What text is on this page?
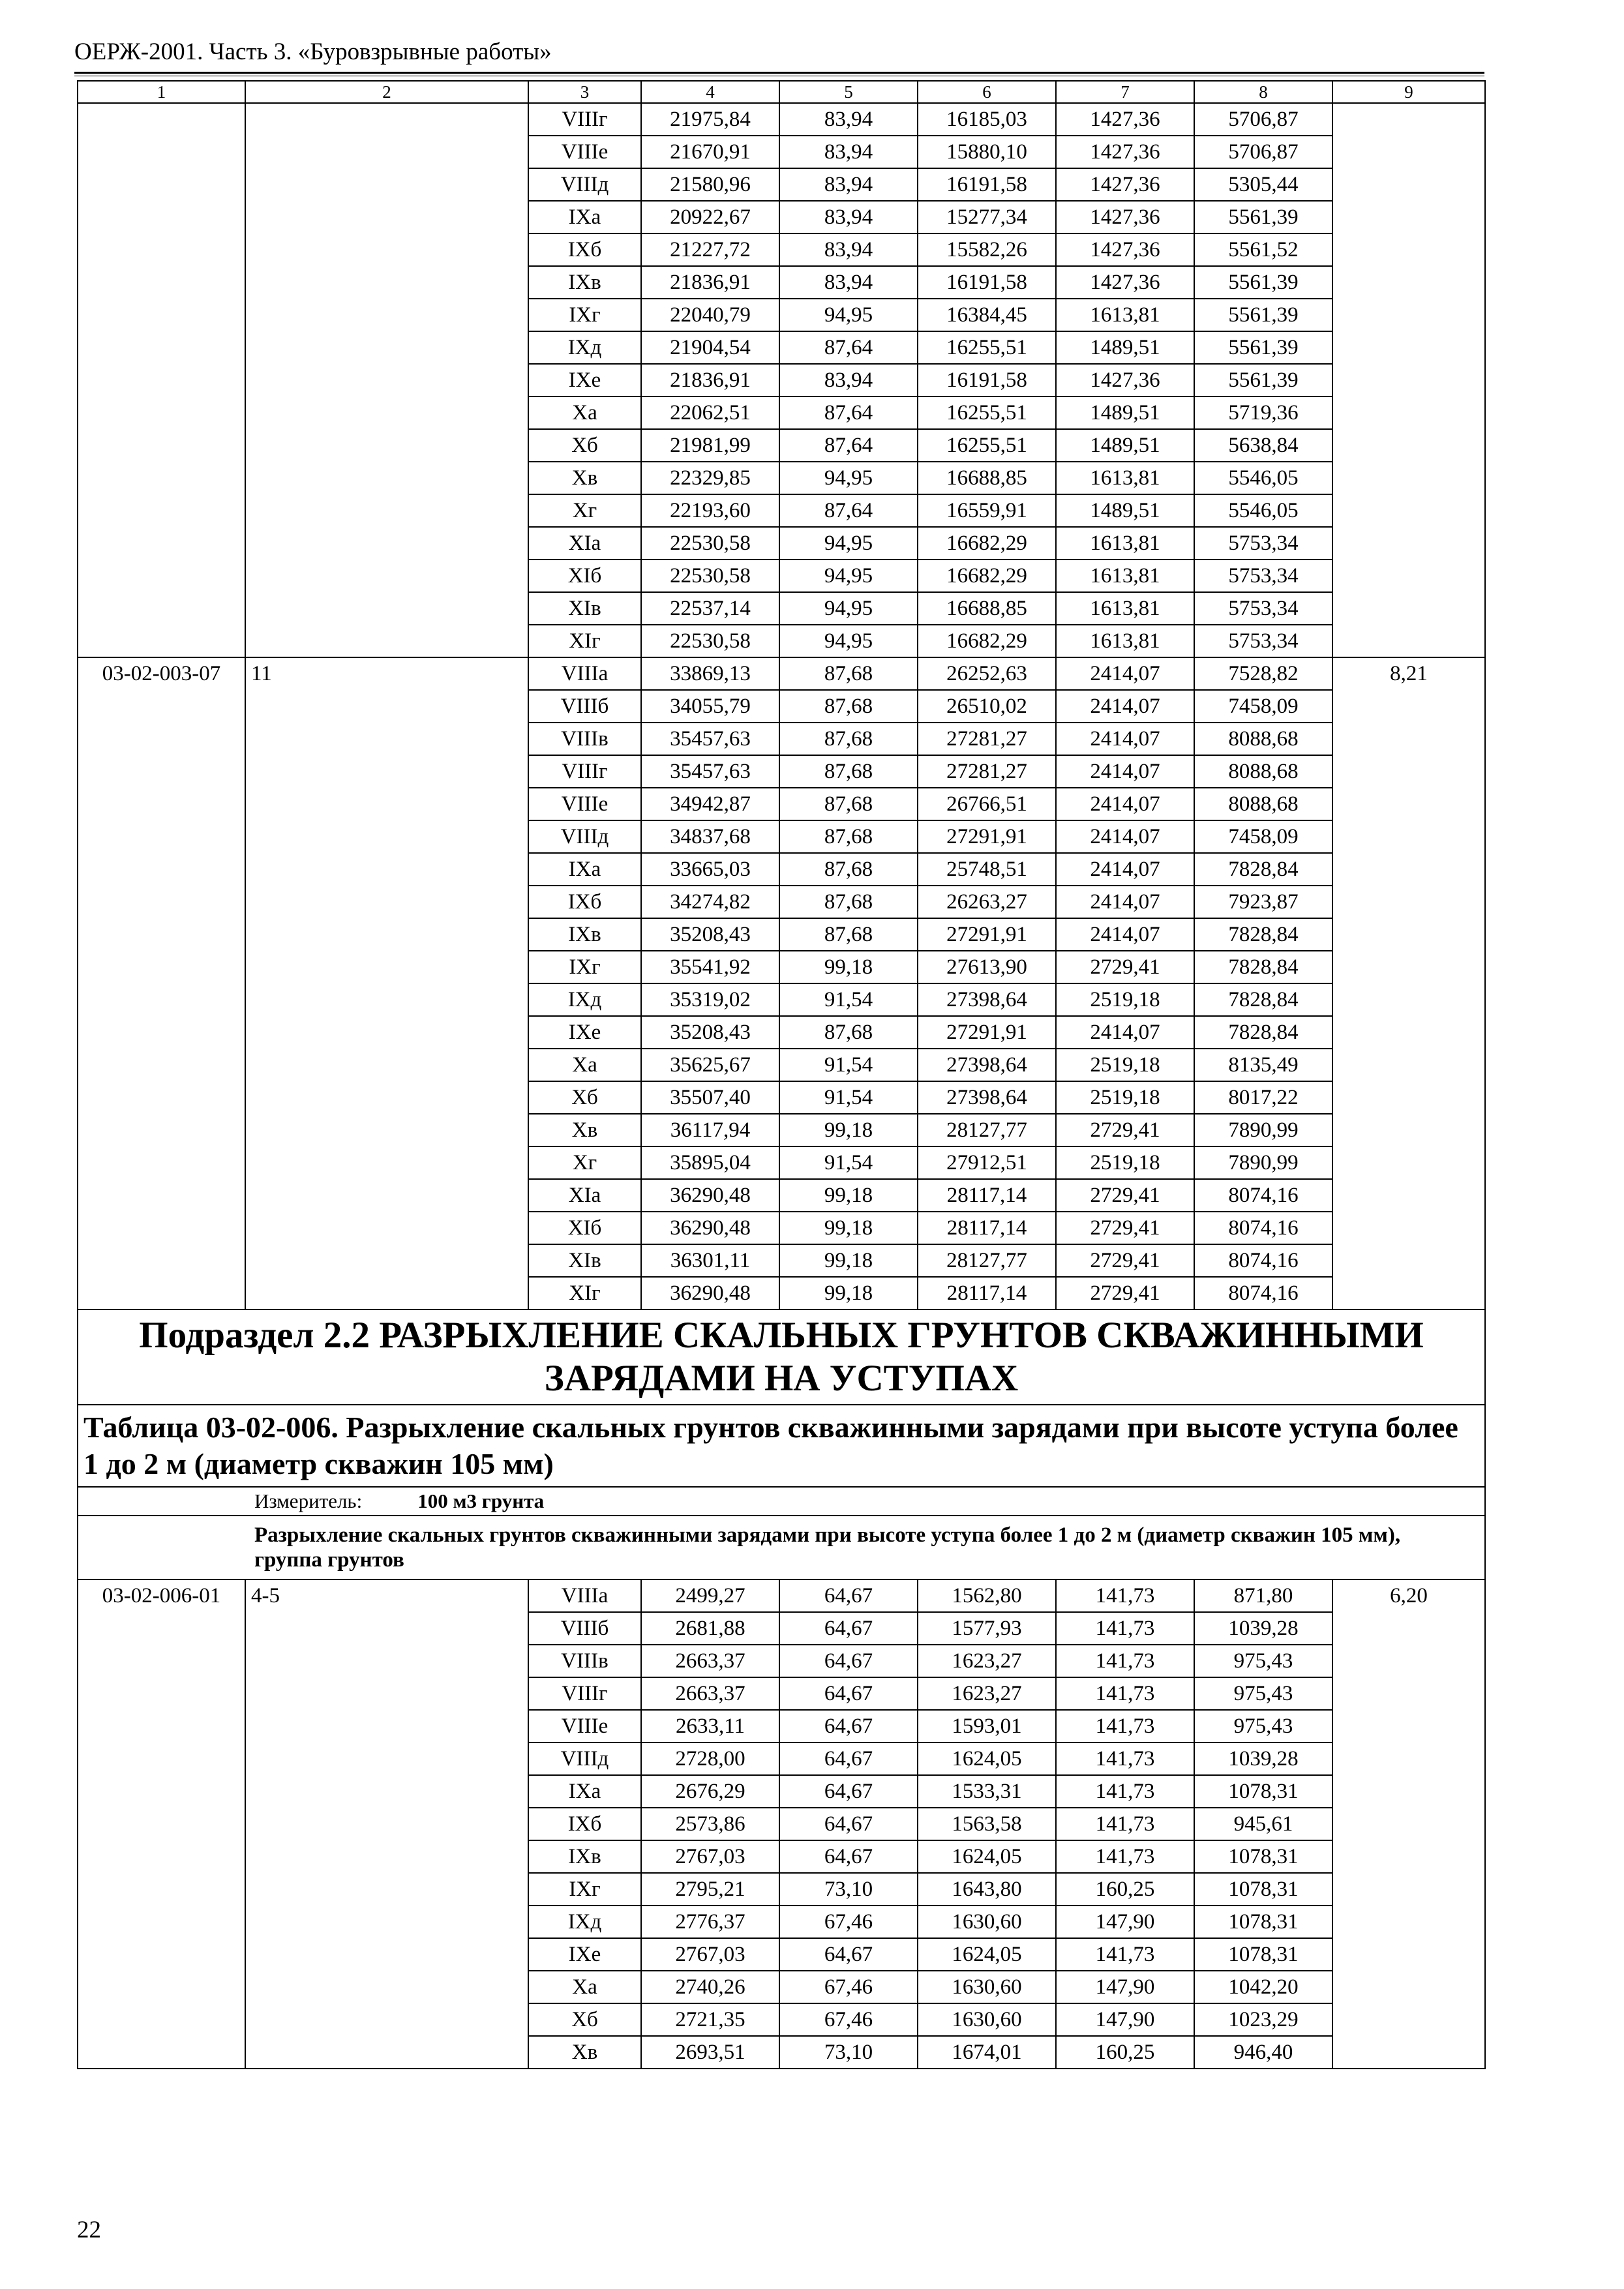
ОЕРЖ-2001. Часть 3. «Буровзрывные работы»
1	2	3	4	5	6	7	8	9
		VIIIг	21975,84	83,94	16185,03	1427,36	5706,87	
		VIIIе	21670,91	83,94	15880,10	1427,36	5706,87	
		VIIIд	21580,96	83,94	16191,58	1427,36	5305,44	
		IXа	20922,67	83,94	15277,34	1427,36	5561,39	
		IXб	21227,72	83,94	15582,26	1427,36	5561,52	
		IXв	21836,91	83,94	16191,58	1427,36	5561,39	
		IXг	22040,79	94,95	16384,45	1613,81	5561,39	
		IXд	21904,54	87,64	16255,51	1489,51	5561,39	
		IXе	21836,91	83,94	16191,58	1427,36	5561,39	
		Xа	22062,51	87,64	16255,51	1489,51	5719,36	
		Xб	21981,99	87,64	16255,51	1489,51	5638,84	
		Xв	22329,85	94,95	16688,85	1613,81	5546,05	
		Xг	22193,60	87,64	16559,91	1489,51	5546,05	
		XIа	22530,58	94,95	16682,29	1613,81	5753,34	
		XIб	22530,58	94,95	16682,29	1613,81	5753,34	
		XIв	22537,14	94,95	16688,85	1613,81	5753,34	
		XIг	22530,58	94,95	16682,29	1613,81	5753,34	
03-02-003-07	11	VIIIа	33869,13	87,68	26252,63	2414,07	7528,82	8,21
		VIIIб	34055,79	87,68	26510,02	2414,07	7458,09	
		VIIIв	35457,63	87,68	27281,27	2414,07	8088,68	
		VIIIг	35457,63	87,68	27281,27	2414,07	8088,68	
		VIIIе	34942,87	87,68	26766,51	2414,07	8088,68	
		VIIIд	34837,68	87,68	27291,91	2414,07	7458,09	
		IXа	33665,03	87,68	25748,51	2414,07	7828,84	
		IXб	34274,82	87,68	26263,27	2414,07	7923,87	
		IXв	35208,43	87,68	27291,91	2414,07	7828,84	
		IXг	35541,92	99,18	27613,90	2729,41	7828,84	
		IXд	35319,02	91,54	27398,64	2519,18	7828,84	
		IXе	35208,43	87,68	27291,91	2414,07	7828,84	
		Xа	35625,67	91,54	27398,64	2519,18	8135,49	
		Xб	35507,40	91,54	27398,64	2519,18	8017,22	
		Xв	36117,94	99,18	28127,77	2729,41	7890,99	
		Xг	35895,04	91,54	27912,51	2519,18	7890,99	
		XIа	36290,48	99,18	28117,14	2729,41	8074,16	
		XIб	36290,48	99,18	28117,14	2729,41	8074,16	
		XIв	36301,11	99,18	28127,77	2729,41	8074,16	
		XIг	36290,48	99,18	28117,14	2729,41	8074,16	
Подраздел 2.2 РАЗРЫХЛЕНИЕ СКАЛЬНЫХ ГРУНТОВ СКВАЖИННЫМИ ЗАРЯДАМИ НА УСТУПАХ								
Таблица 03-02-006. Разрыхление скальных грунтов скважинными зарядами при высоте уступа более 1 до 2 м (диаметр скважин 105 мм)								
Измеритель: 100 м3 грунта								
Разрыхление скальных грунтов скважинными зарядами при высоте уступа более 1 до 2 м (диаметр скважин 105 мм), группа грунтов								
03-02-006-01	4-5	VIIIа	2499,27	64,67	1562,80	141,73	871,80	6,20
		VIIIб	2681,88	64,67	1577,93	141,73	1039,28	
		VIIIв	2663,37	64,67	1623,27	141,73	975,43	
		VIIIг	2663,37	64,67	1623,27	141,73	975,43	
		VIIIе	2633,11	64,67	1593,01	141,73	975,43	
		VIIIд	2728,00	64,67	1624,05	141,73	1039,28	
		IXа	2676,29	64,67	1533,31	141,73	1078,31	
		IXб	2573,86	64,67	1563,58	141,73	945,61	
		IXв	2767,03	64,67	1624,05	141,73	1078,31	
		IXг	2795,21	73,10	1643,80	160,25	1078,31	
		IXд	2776,37	67,46	1630,60	147,90	1078,31	
		IXе	2767,03	64,67	1624,05	141,73	1078,31	
		Xа	2740,26	67,46	1630,60	147,90	1042,20	
		Xб	2721,35	67,46	1630,60	147,90	1023,29	
		Xв	2693,51	73,10	1674,01	160,25	946,40	
22
